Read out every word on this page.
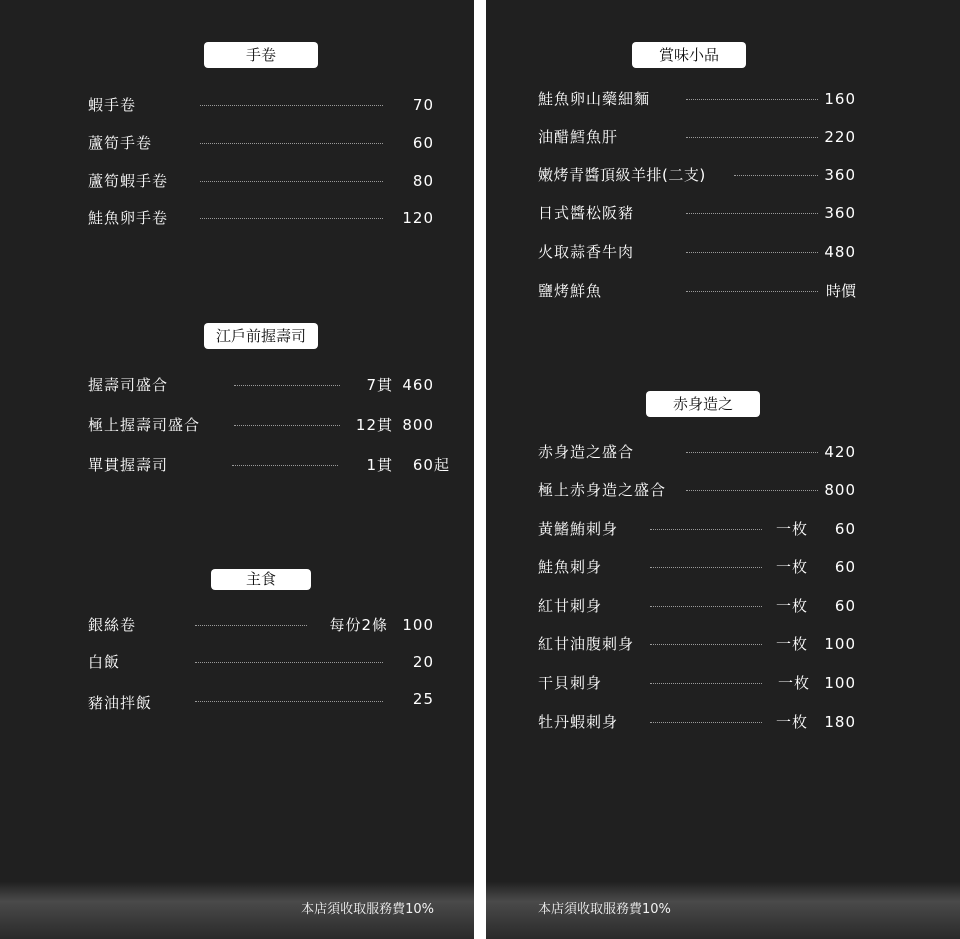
手卷
蝦手卷	70
蘆筍手卷	60
蘆筍蝦手卷	80
鮭魚卵手卷	120
江戶前握壽司
握壽司盛合	7貫 460
極上握壽司盛合	12貫 800
單貫握壽司	1貫 60起
主食
銀絲卷	每份2條 100
白飯	20
豬油拌飯	25
本店須收取服務費10%
賞味小品
鮭魚卵山藥細麵	160
油醋鱈魚肝	220
嫩烤青醬頂級羊排(二支)	360
日式醬松阪豬	360
火取蒜香牛肉	480
鹽烤鮮魚	時價
赤身造之
赤身造之盛合	420
極上赤身造之盛合	800
黃鰭鮪刺身	一枚 60
鮭魚刺身	一枚 60
紅甘刺身	一枚 60
紅甘油腹刺身	一枚 100
干貝刺身	一枚 100
牡丹蝦刺身	一枚 180
本店須收取服務費10%
